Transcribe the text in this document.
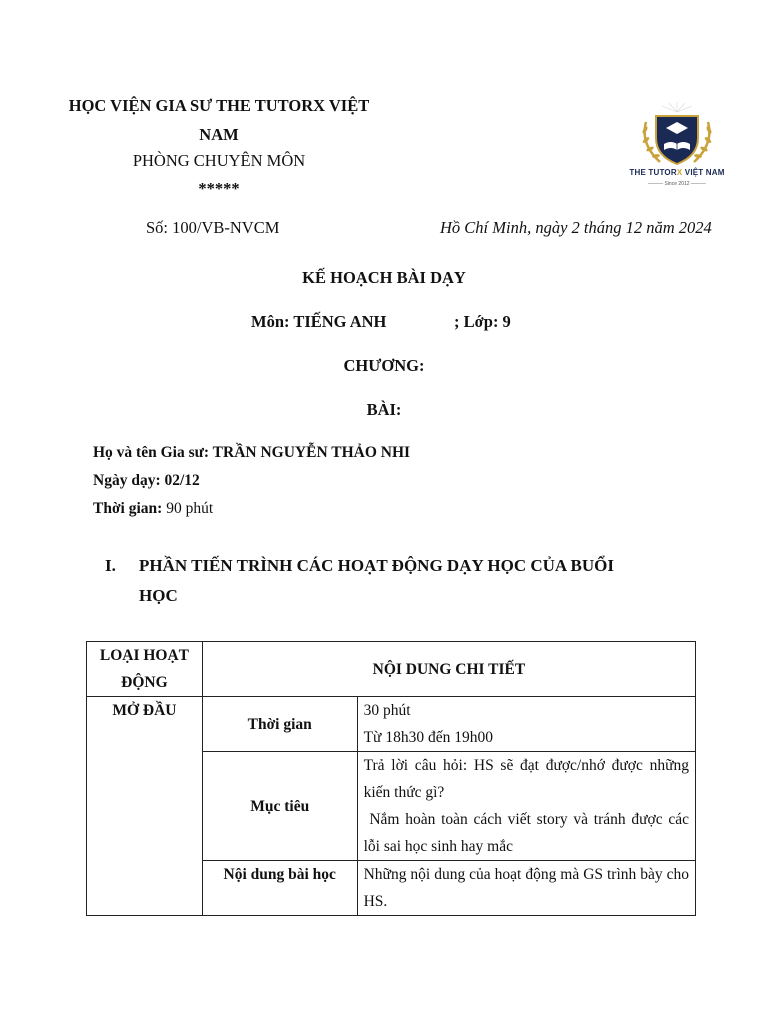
HỌC VIỆN GIA SƯ THE TUTORX VIỆT
NAM
PHÒNG CHUYÊN MÔN
*****
THE TUTORX VIỆT NAM
——— Since 2012 ———
Số: 100/VB-NVCM	Hồ Chí Minh, ngày 2 tháng 12 năm 2024
KẾ HOẠCH BÀI DẠY
Môn: TIẾNG ANH	; Lớp: 9
CHƯƠNG:
BÀI:
Họ và tên Gia sư: TRẦN NGUYỄN THẢO NHI
Ngày dạy: 02/12
Thời gian: 90 phút
I. PHẦN TIẾN TRÌNH CÁC HOẠT ĐỘNG DẠY HỌC CỦA BUỔI
HỌC
LOẠI HOẠT ĐỘNG	NỘI DUNG CHI TIẾT	
MỞ ĐẦU	Thời gian	30 phút
Từ 18h30 đến 19h00

	Mục tiêu	Trả lời câu hỏi: HS sẽ đạt được/nhớ được những kiến thức gì?
Nắm hoàn toàn cách viết story và tránh được các lỗi sai học sinh hay mắc

	Nội dung bài học	Những nội dung của hoạt động mà GS trình bày cho HS.
